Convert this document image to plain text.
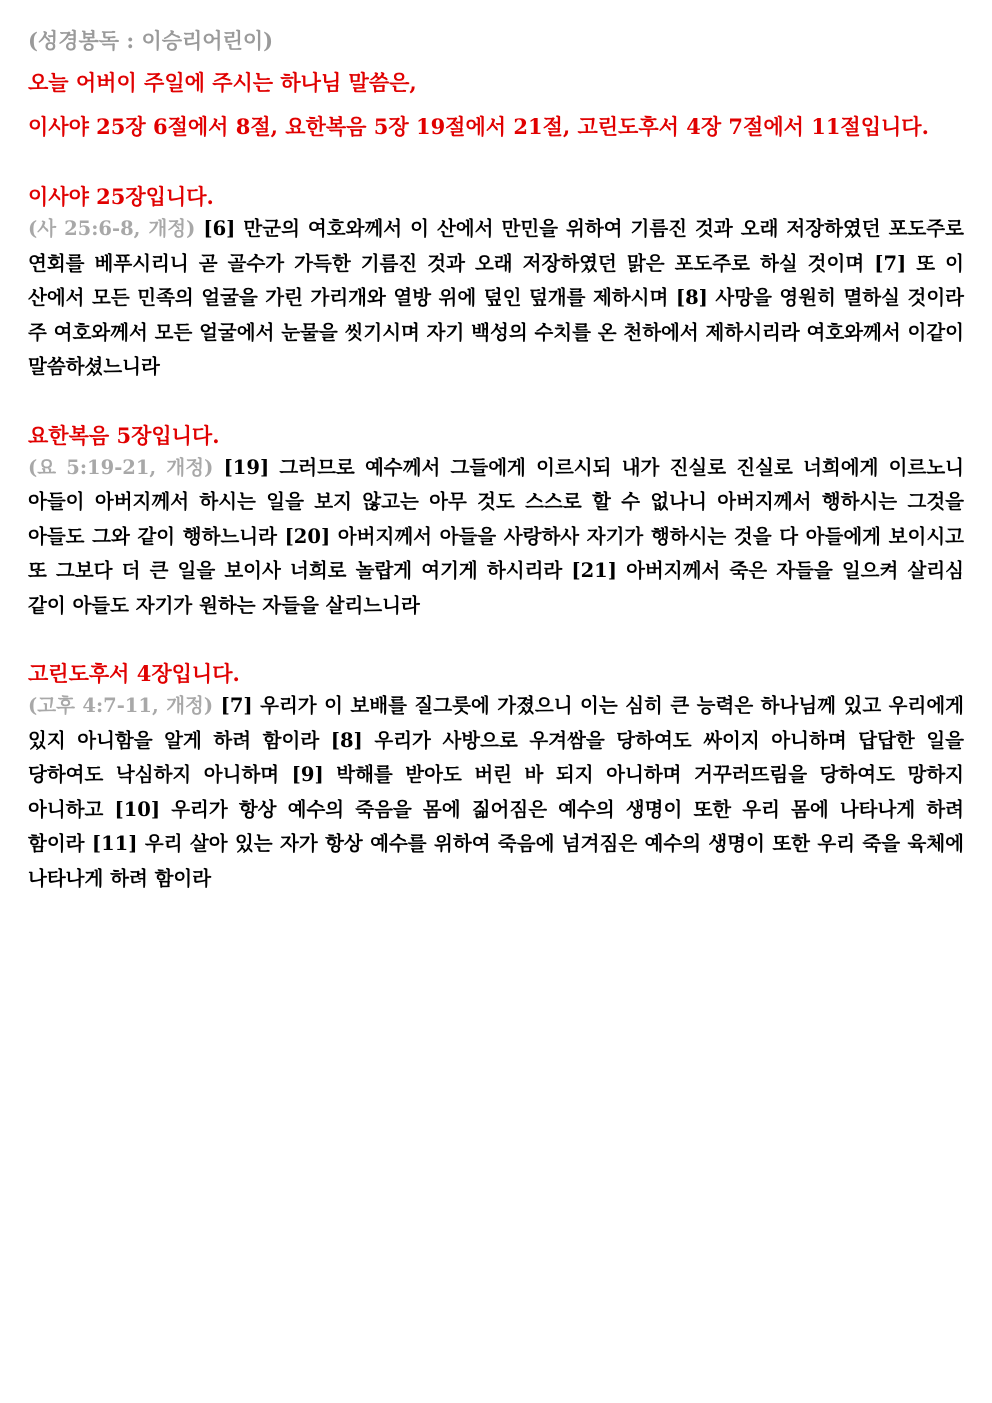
(성경봉독 : 이승리어린이)

오늘 어버이 주일에 주시는 하나님 말씀은,

이사야 25장 6절에서 8절, 요한복음 5장 19절에서 21절, 고린도후서 4장 7절에서 11절입니다.

이사야 25장입니다.

(사 25:6-8, 개정) [6] 만군의 여호와께서 이 산에서 만민을 위하여 기름진 것과 오래 저장하였던 포도주로 연회를 베푸시리니 곧 골수가 가득한 기름진 것과 오래 저장하였던 맑은 포도주로 하실 것이며 [7] 또 이 산에서 모든 민족의 얼굴을 가린 가리개와 열방 위에 덮인 덮개를 제하시며 [8] 사망을 영원히 멸하실 것이라 주 여호와께서 모든 얼굴에서 눈물을 씻기시며 자기 백성의 수치를 온 천하에서 제하시리라 여호와께서 이같이 말씀하셨느니라

요한복음 5장입니다.

(요 5:19-21, 개정) [19] 그러므로 예수께서 그들에게 이르시되 내가 진실로 진실로 너희에게 이르노니 아들이 아버지께서 하시는 일을 보지 않고는 아무 것도 스스로 할 수 없나니 아버지께서 행하시는 그것을 아들도 그와 같이 행하느니라 [20] 아버지께서 아들을 사랑하사 자기가 행하시는 것을 다 아들에게 보이시고 또 그보다 더 큰 일을 보이사 너희로 놀랍게 여기게 하시리라 [21] 아버지께서 죽은 자들을 일으켜 살리심 같이 아들도 자기가 원하는 자들을 살리느니라

고린도후서 4장입니다.

(고후 4:7-11, 개정) [7] 우리가 이 보배를 질그릇에 가졌으니 이는 심히 큰 능력은 하나님께 있고 우리에게 있지 아니함을 알게 하려 함이라 [8] 우리가 사방으로 우겨쌈을 당하여도 싸이지 아니하며 답답한 일을 당하여도 낙심하지 아니하며 [9] 박해를 받아도 버린 바 되지 아니하며 거꾸러뜨림을 당하여도 망하지 아니하고 [10] 우리가 항상 예수의 죽음을 몸에 짊어짐은 예수의 생명이 또한 우리 몸에 나타나게 하려 함이라 [11] 우리 살아 있는 자가 항상 예수를 위하여 죽음에 넘겨짐은 예수의 생명이 또한 우리 죽을 육체에 나타나게 하려 함이라
